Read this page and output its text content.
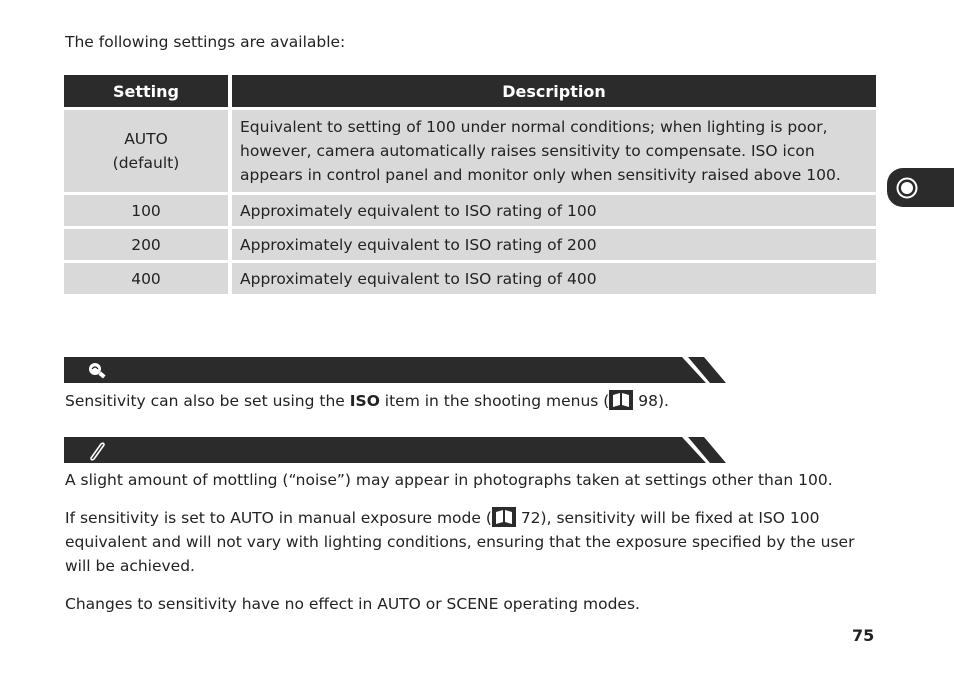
The following settings are available:
Setting	Description

AUTO
(default)	Equivalent to setting of 100 under normal conditions; when lighting is poor, however, camera automatically raises sensitivity to compensate. ISO icon appears in control panel and monitor only when sensitivity raised above 100.
100	Approximately equivalent to ISO rating of 100
200	Approximately equivalent to ISO rating of 200
400	Approximately equivalent to ISO rating of 400
Sensitivity can also be set using the ISO item in the shooting menus ( 98).
A slight amount of mottling (“noise”) may appear in photographs taken at settings other than 100.
If sensitivity is set to AUTO in manual exposure mode ( 72), sensitivity will be fixed at ISO 100 equivalent and will not vary with lighting conditions, ensuring that the exposure specified by the user will be achieved.
Changes to sensitivity have no effect in AUTO or SCENE operating modes.
75
